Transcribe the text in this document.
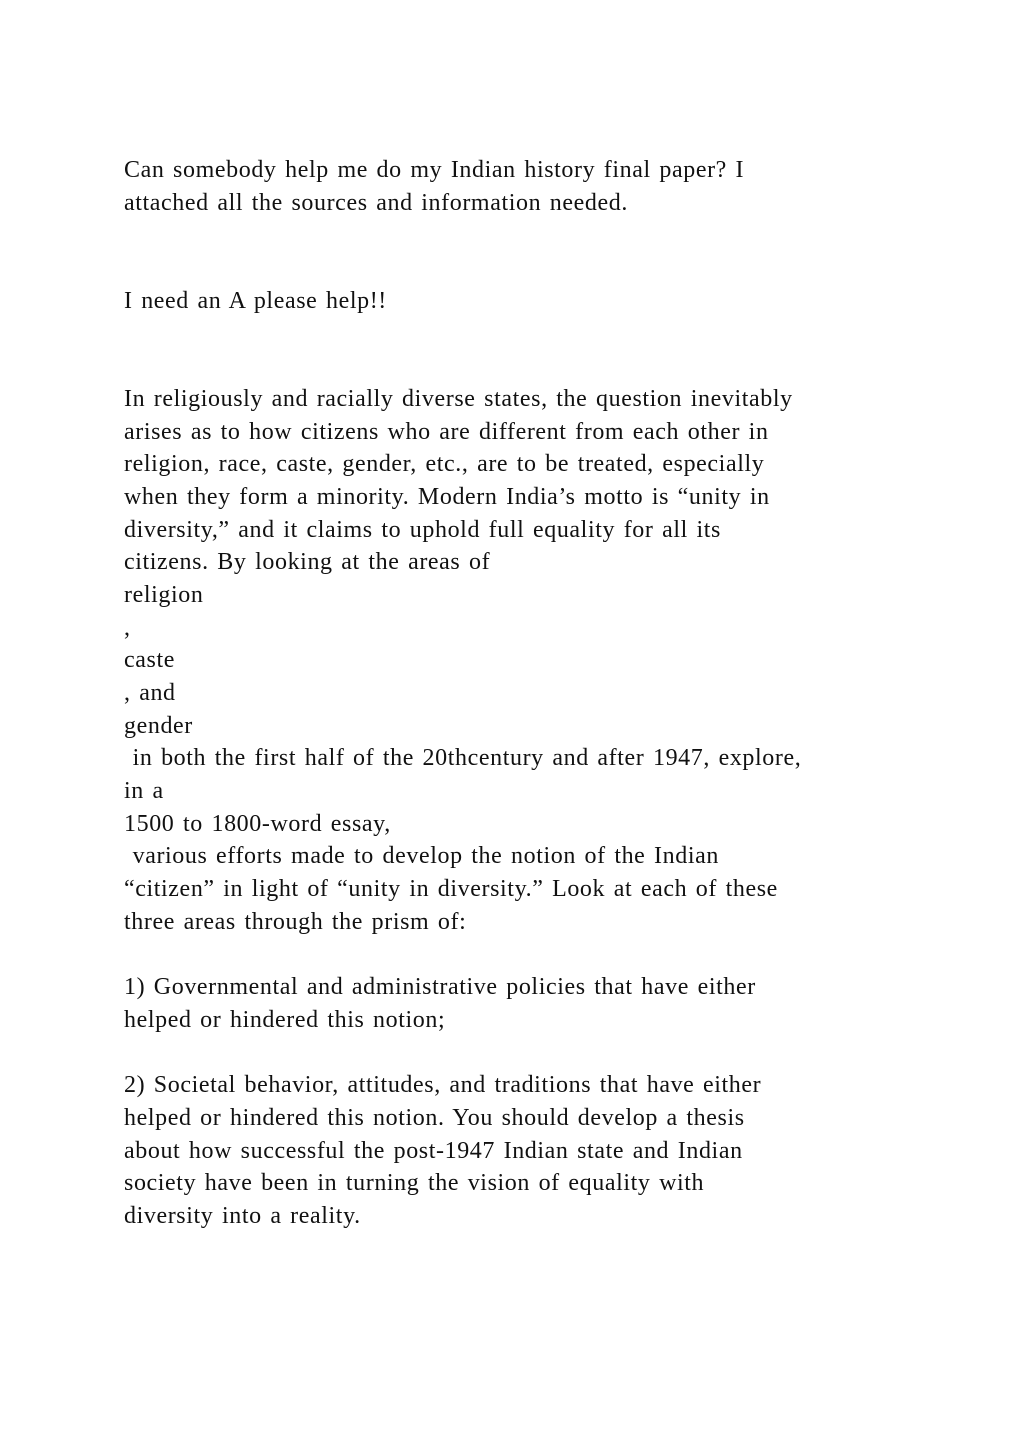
Can somebody help me do my Indian history final paper? I
attached all the sources and information needed.
I need an A please help!!
In religiously and racially diverse states, the question inevitably
arises as to how citizens who are different from each other in
religion, race, caste, gender, etc., are to be treated, especially
when they form a minority. Modern India’s motto is “unity in
diversity,” and it claims to uphold full equality for all its
citizens. By looking at the areas of
religion
,
caste
, and
gender
in both the first half of the 20thcentury and after 1947, explore,
in a
1500 to 1800-word essay,
various efforts made to develop the notion of the Indian
“citizen” in light of “unity in diversity.” Look at each of these
three areas through the prism of:
1) Governmental and administrative policies that have either
helped or hindered this notion;
2) Societal behavior, attitudes, and traditions that have either
helped or hindered this notion. You should develop a thesis
about how successful the post-1947 Indian state and Indian
society have been in turning the vision of equality with
diversity into a reality.
